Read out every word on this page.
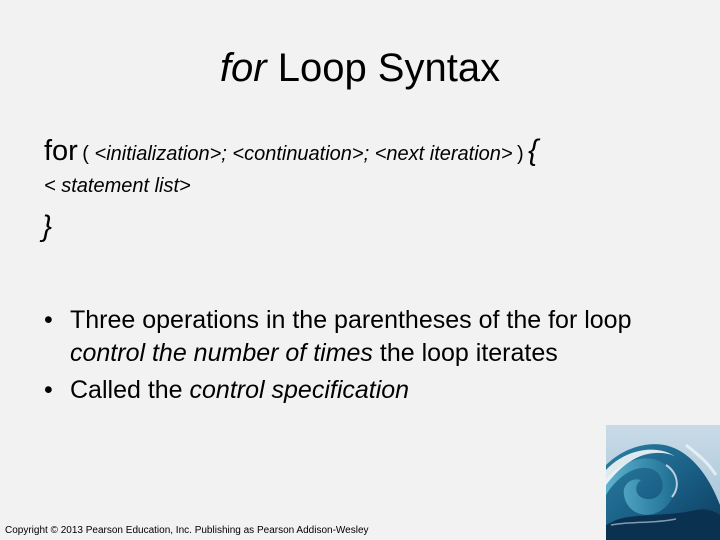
for Loop Syntax
for ( <initialization>; <continuation>; <next iteration> ) {
< statement list>
}
• Three operations in the parentheses of the for loop control the number of times the loop iterates
• Called the control specification
Copyright © 2013 Pearson Education, Inc. Publishing as Pearson Addison-Wesley
